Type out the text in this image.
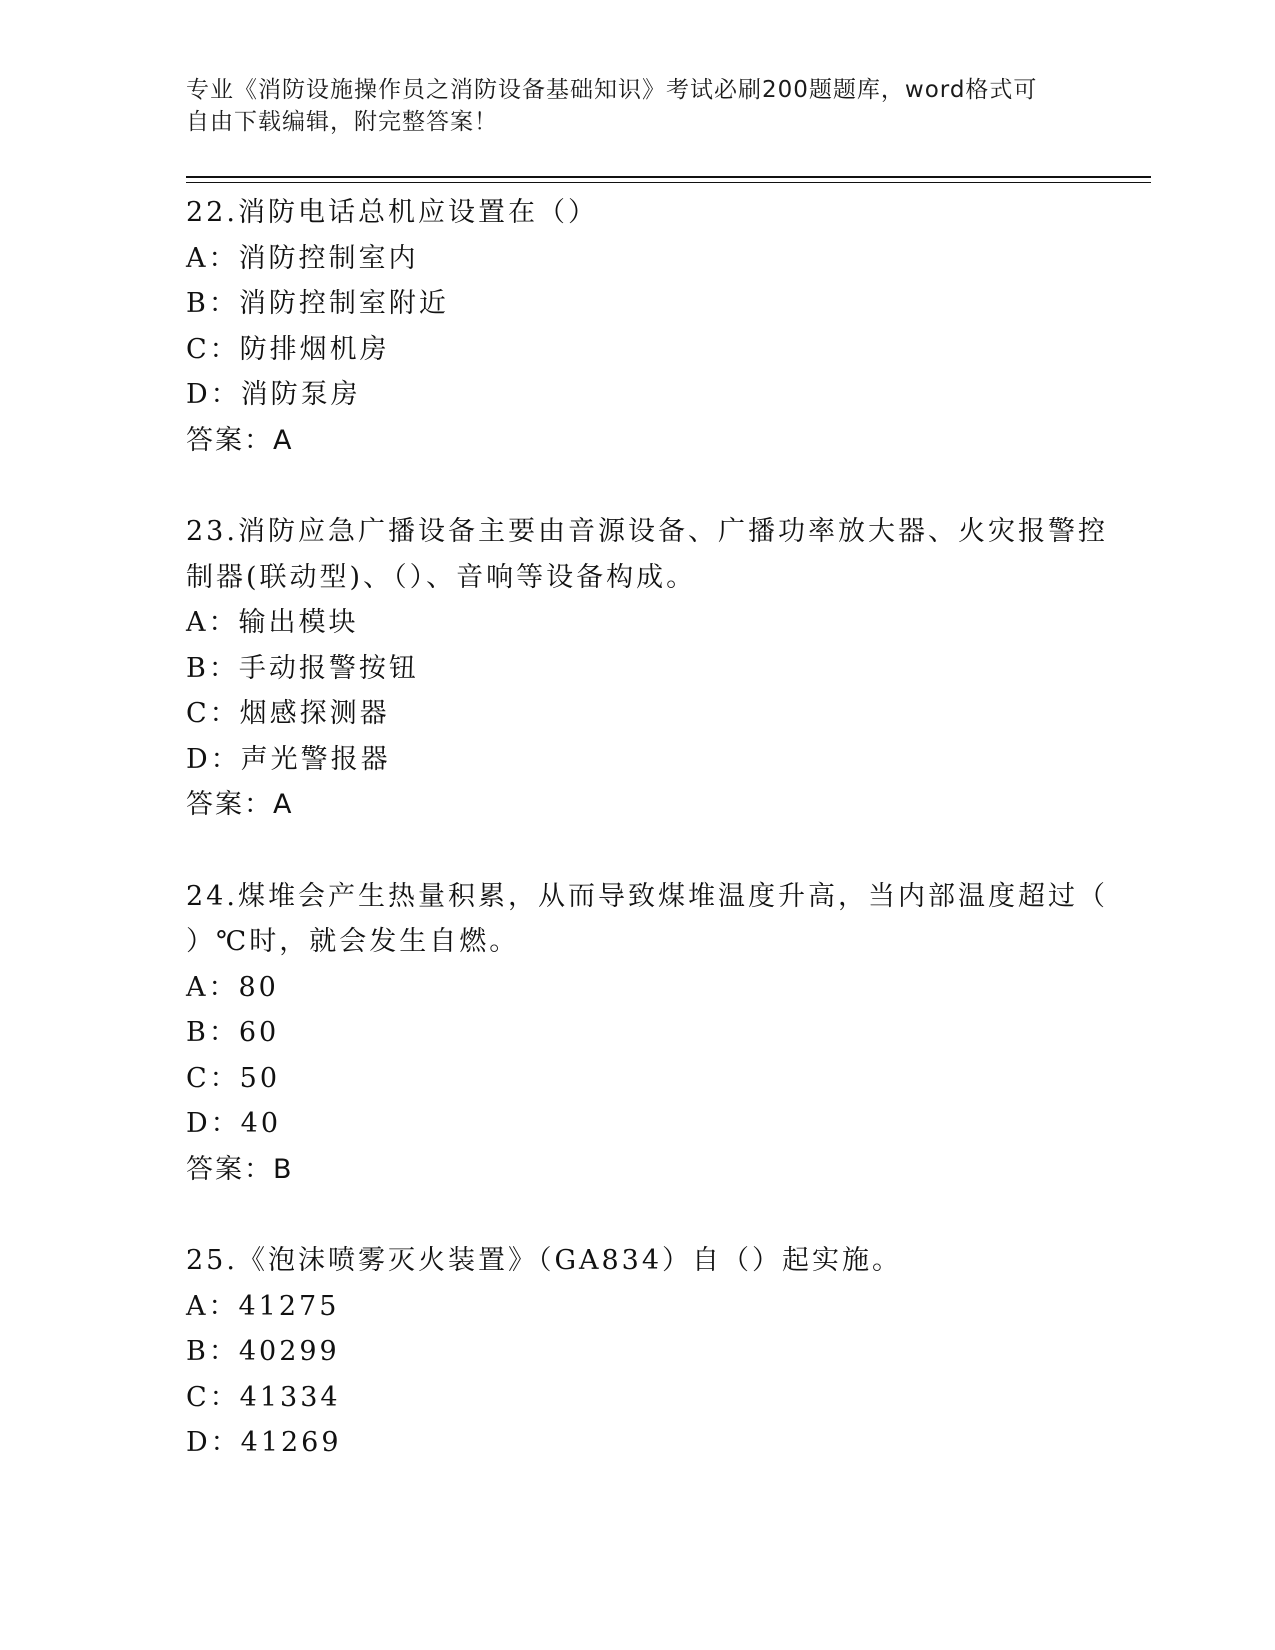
专业《消防设施操作员之消防设备基础知识》考试必刷200题题库，word格式可
自由下载编辑，附完整答案！
22.消防电话总机应设置在（）
A：消防控制室内
B：消防控制室附近
C：防排烟机房
D：消防泵房
答案：A
23.消防应急广播设备主要由音源设备、广播功率放大器、火灾报警控
制器(联动型)、（）、音响等设备构成。
A：输出模块
B：手动报警按钮
C：烟感探测器
D：声光警报器
答案：A
24.煤堆会产生热量积累，从而导致煤堆温度升高，当内部温度超过（
）℃时，就会发生自燃。
A：80
B：60
C：50
D：40
答案：B
25.《泡沫喷雾灭火装置》（GA834）自（）起实施。
A：41275
B：40299
C：41334
D：41269
